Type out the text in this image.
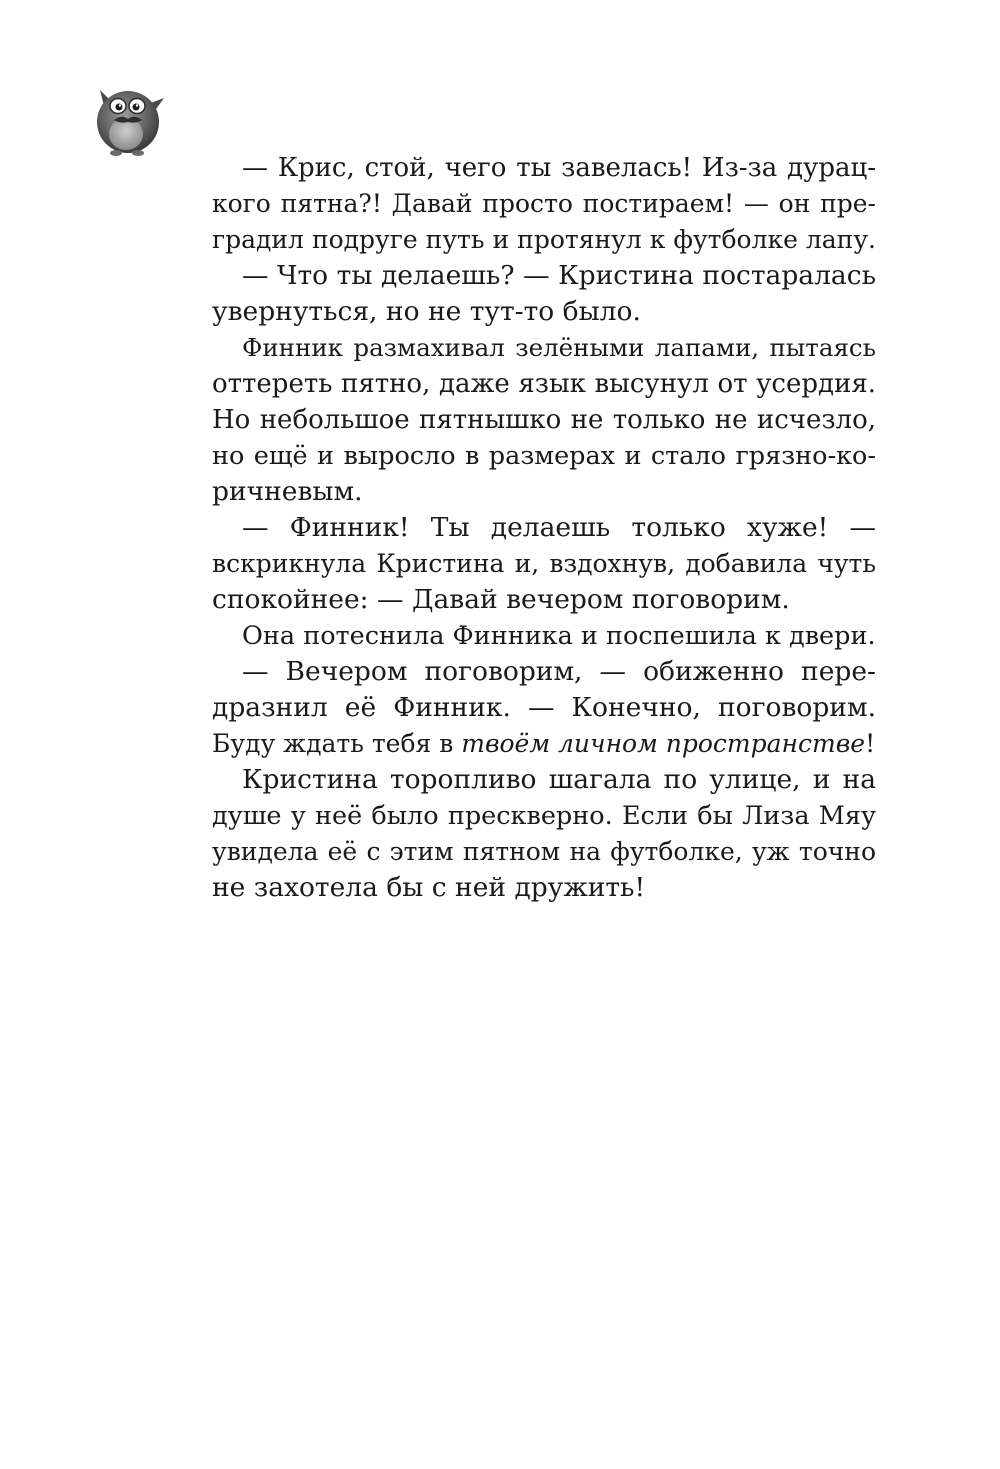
— Крис, стой, чего ты завелась! Из-за дурац-
кого пятна?! Давай просто постираем! — он пре-
градил подруге путь и протянул к футболке лапу.
— Что ты делаешь? — Кристина постаралась
увернуться, но не тут-то было.
Финник размахивал зелёными лапами, пытаясь
оттереть пятно, даже язык высунул от усердия.
Но небольшое пятнышко не только не исчезло,
но ещё и выросло в размерах и стало грязно-ко-
ричневым.
— Финник! Ты делаешь только хуже! —
вскрикнула Кристина и, вздохнув, добавила чуть
спокойнее: — Давай вечером поговорим.
Она потеснила Финника и поспешила к двери.
— Вечером поговорим, — обиженно пере-
дразнил её Финник. — Конечно, поговорим.
Буду ждать тебя в твоём личном пространстве!
Кристина торопливо шагала по улице, и на
душе у неё было прескверно. Если бы Лиза Мяу
увидела её с этим пятном на футболке, уж точно
не захотела бы с ней дружить!
